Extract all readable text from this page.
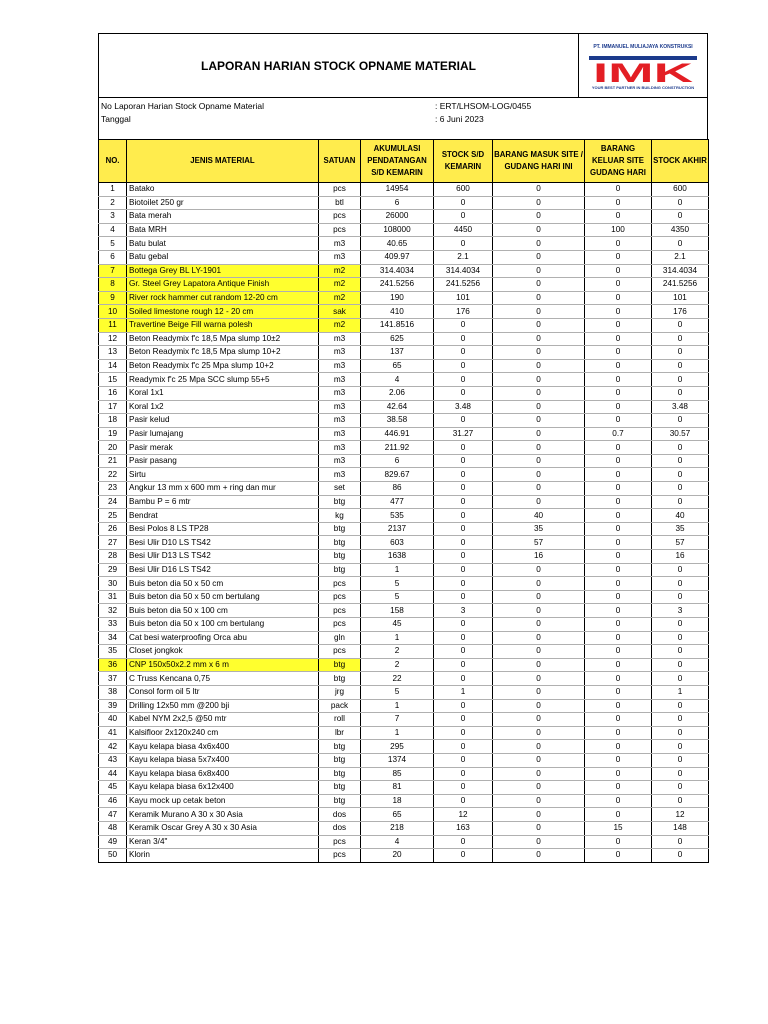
LAPORAN HARIAN STOCK OPNAME MATERIAL
PT. IMMANUEL MULIAJAYA KONSTRUKSI
IMK
YOUR BEST PARTNER IN BUILDING CONSTRUCTION
No Laporan Harian Stock Opname Material	: ERT/LHSOM-LOG/0455
Tanggal	: 6 Juni 2023
NO.	JENIS MATERIAL	SATUAN	AKUMULASI PENDATANGAN S/D KEMARIN	STOCK S/D KEMARIN	BARANG MASUK SITE / GUDANG HARI INI	BARANG KELUAR SITE GUDANG HARI	STOCK AKHIR
1	Batako	pcs	14954	600	0	0	600
2	Biotoilet 250 gr	btl	6	0	0	0	0
3	Bata merah	pcs	26000	0	0	0	0
4	Bata MRH	pcs	108000	4450	0	100	4350
5	Batu bulat	m3	40.65	0	0	0	0
6	Batu gebal	m3	409.97	2.1	0	0	2.1
7	Bottega Grey BL LY-1901	m2	314.4034	314.4034	0	0	314.4034
8	Gr. Steel Grey Lapatora Antique Finish	m2	241.5256	241.5256	0	0	241.5256
9	River rock hammer cut random 12-20 cm	m2	190	101	0	0	101
10	Soiled limestone rough 12 - 20 cm	sak	410	176	0	0	176
11	Travertine Beige Fill warna polesh	m2	141.8516	0	0	0	0
12	Beton Readymix f'c 18,5 Mpa slump 10±2	m3	625	0	0	0	0
13	Beton Readymix f'c 18,5 Mpa slump 10+2	m3	137	0	0	0	0
14	Beton Readymix f'c 25 Mpa slump 10+2	m3	65	0	0	0	0
15	Readymix f'c 25 Mpa SCC slump 55+5	m3	4	0	0	0	0
16	Koral 1x1	m3	2.06	0	0	0	0
17	Koral 1x2	m3	42.64	3.48	0	0	3.48
18	Pasir kelud	m3	38.58	0	0	0	0
19	Pasir lumajang	m3	446.91	31.27	0	0.7	30.57
20	Pasir merak	m3	211.92	0	0	0	0
21	Pasir pasang	m3	6	0	0	0	0
22	Sirtu	m3	829.67	0	0	0	0
23	Angkur 13 mm x 600 mm + ring dan mur	set	86	0	0	0	0
24	Bambu P = 6 mtr	btg	477	0	0	0	0
25	Bendrat	kg	535	0	40	0	40
26	Besi Polos 8 LS TP28	btg	2137	0	35	0	35
27	Besi Ulir D10 LS TS42	btg	603	0	57	0	57
28	Besi Ulir D13 LS TS42	btg	1638	0	16	0	16
29	Besi Ulir D16 LS TS42	btg	1	0	0	0	0
30	Buis beton dia 50 x 50 cm	pcs	5	0	0	0	0
31	Buis beton dia 50 x 50 cm bertulang	pcs	5	0	0	0	0
32	Buis beton dia 50 x 100 cm	pcs	158	3	0	0	3
33	Buis beton dia 50 x 100 cm bertulang	pcs	45	0	0	0	0
34	Cat besi waterproofing Orca abu	gln	1	0	0	0	0
35	Closet jongkok	pcs	2	0	0	0	0
36	CNP 150x50x2.2 mm x 6 m	btg	2	0	0	0	0
37	C Truss Kencana 0,75	btg	22	0	0	0	0
38	Consol form oil 5 ltr	jrg	5	1	0	0	1
39	Drilling 12x50 mm @200 bji	pack	1	0	0	0	0
40	Kabel NYM 2x2,5 @50 mtr	roll	7	0	0	0	0
41	Kalsifloor 2x120x240 cm	lbr	1	0	0	0	0
42	Kayu kelapa biasa 4x6x400	btg	295	0	0	0	0
43	Kayu kelapa biasa 5x7x400	btg	1374	0	0	0	0
44	Kayu kelapa biasa 6x8x400	btg	85	0	0	0	0
45	Kayu kelapa biasa 6x12x400	btg	81	0	0	0	0
46	Kayu mock up cetak beton	btg	18	0	0	0	0
47	Keramik Murano A 30 x 30 Asia	dos	65	12	0	0	12
48	Keramik Oscar Grey A 30 x 30 Asia	dos	218	163	0	15	148
49	Keran 3/4"	pcs	4	0	0	0	0
50	Klorin	pcs	20	0	0	0	0
